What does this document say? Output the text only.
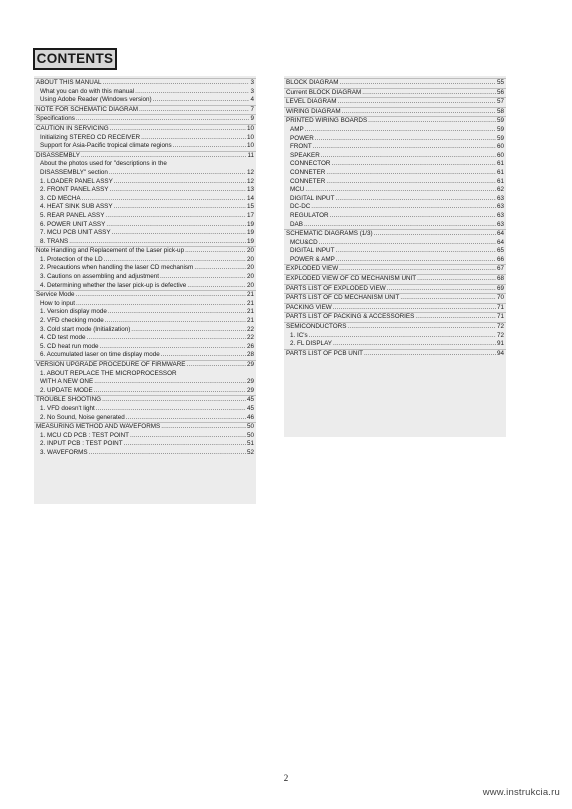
CONTENTS
ABOUT THIS MANUAL .....	3
What you can do with this manual .....	3
Using Adobe Reader (Windows version) .....	4
NOTE FOR SCHEMATIC DIAGRAM .....	7
Specifications .....	9
CAUTION IN SERVICING .....	10
Initializing STEREO CD RECEIVER .....	10
Support for Asia-Pacific tropical climate regions .....	10
DISASSEMBLY .....	11
About the photos used for "descriptions in the
DISASSEMBLY" section .....	12
1. LOADER PANEL ASSY .....	12
2. FRONT PANEL ASSY .....	13
3. CD MECHA .....	14
4. HEAT SINK SUB ASSY .....	15
5. REAR PANEL ASSY .....	17
6. POWER UNIT ASSY .....	19
7. MCU PCB UNIT ASSY .....	19
8. TRANS .....	19
Note Handling and Replacement of the Laser pick-up .....	20
1. Protection of the LD .....	20
2. Precautions when handling the laser CD mechanism .....	20
3. Cautions on assembling and adjustment .....	20
4. Determining whether the laser pick-up is defective .....	20
Service Mode .....	21
How to input .....	21
1. Version display mode .....	21
2. VFD checking mode .....	21
3. Cold start mode (Initialization) .....	22
4. CD test mode .....	22
5. CD heat run mode .....	26
6. Accumulated laser on time display mode .....	28
VERSION UPGRADE PROCEDURE OF FIRMWARE .....	29
1. ABOUT REPLACE THE MICROPROCESSOR
WITH A NEW ONE .....	29
2. UPDATE MODE .....	29
TROUBLE SHOOTING .....	45
1. VFD doesn't light .....	45
2. No Sound, Noise generated .....	46
MEASURING METHOD AND WAVEFORMS .....	50
1. MCU CD PCB : TEST POINT .....	50
2. INPUT PCB : TEST POINT .....	51
3. WAVEFORMS .....	52
BLOCK DIAGRAM .....	55
Current BLOCK DIAGRAM .....	56
LEVEL DIAGRAM .....	57
WIRING DIAGRAM .....	58
PRINTED WIRING BOARDS .....	59
AMP .....	59
POWER .....	59
FRONT .....	60
SPEAKER .....	60
CONNECTOR .....	61
CONNETER .....	61
CONNETER .....	61
MCU .....	62
DIGITAL INPUT .....	63
DC-DC .....	63
REGULATOR .....	63
DAB .....	63
SCHEMATIC DIAGRAMS (1/3) .....	64
MCU&CD .....	64
DIGITAL INPUT .....	65
POWER & AMP .....	66
EXPLODED VIEW .....	67
EXPLODED VIEW OF CD MECHANISM UNIT .....	68
PARTS LIST OF EXPLODED VIEW .....	69
PARTS LIST OF CD MECHANISM UNIT .....	70
PACKING VIEW .....	71
PARTS LIST OF PACKING & ACCESSORIES .....	71
SEMICONDUCTORS .....	72
1. IC's .....	72
2. FL DISPLAY .....	91
PARTS LIST OF PCB UNIT .....	94
2
www.instrukcia.ru
